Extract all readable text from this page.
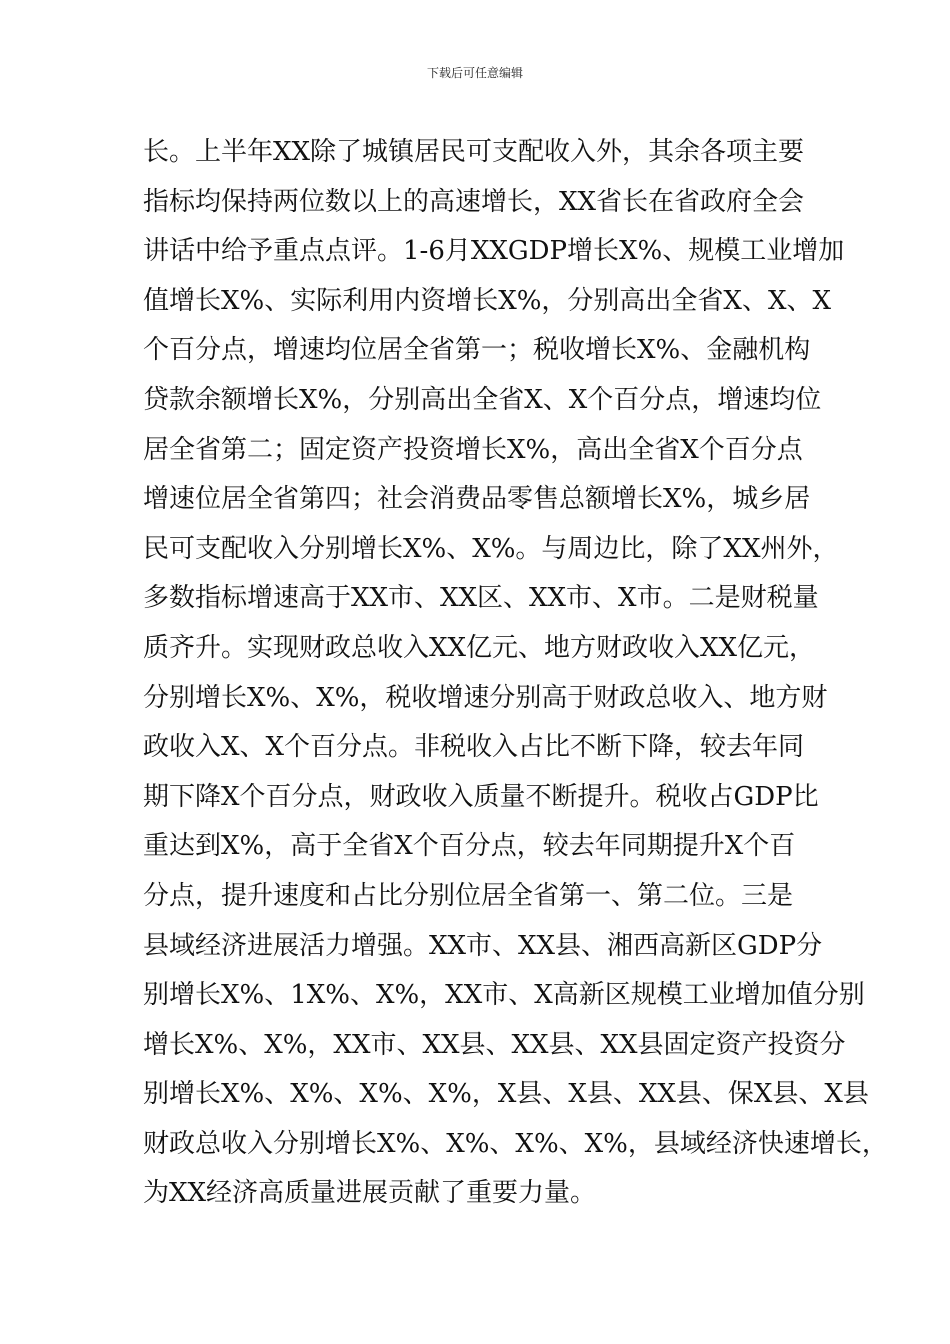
下载后可任意编辑
长。上半年XX除了城镇居民可支配收入外，其余各项主要
指标均保持两位数以上的高速增长，XX省长在省政府全会
讲话中给予重点点评。1-6月XXGDP增长X%、规模工业增加
值增长X%、实际利用内资增长X%，分别高出全省X、X、X
个百分点，增速均位居全省第一；税收增长X%、金融机构
贷款余额增长X%，分别高出全省X、X个百分点，增速均位
居全省第二；固定资产投资增长X%，高出全省X个百分点
增速位居全省第四；社会消费品零售总额增长X%，城乡居
民可支配收入分别增长X%、X%。与周边比，除了XX州外，
多数指标增速高于XX市、XX区、XX市、X市。二是财税量
质齐升。实现财政总收入XX亿元、地方财政收入XX亿元，
分别增长X%、X%，税收增速分别高于财政总收入、地方财
政收入X、X个百分点。非税收入占比不断下降，较去年同
期下降X个百分点，财政收入质量不断提升。税收占GDP比
重达到X%，高于全省X个百分点，较去年同期提升X个百
分点，提升速度和占比分别位居全省第一、第二位。三是
县域经济进展活力增强。XX市、XX县、湘西高新区GDP分
别增长X%、1X%、X%，XX市、X高新区规模工业增加值分别
增长X%、X%，XX市、XX县、XX县、XX县固定资产投资分
别增长X%、X%、X%、X%，X县、X县、XX县、保X县、X县
财政总收入分别增长X%、X%、X%、X%，县域经济快速增长，
为XX经济高质量进展贡献了重要力量。
